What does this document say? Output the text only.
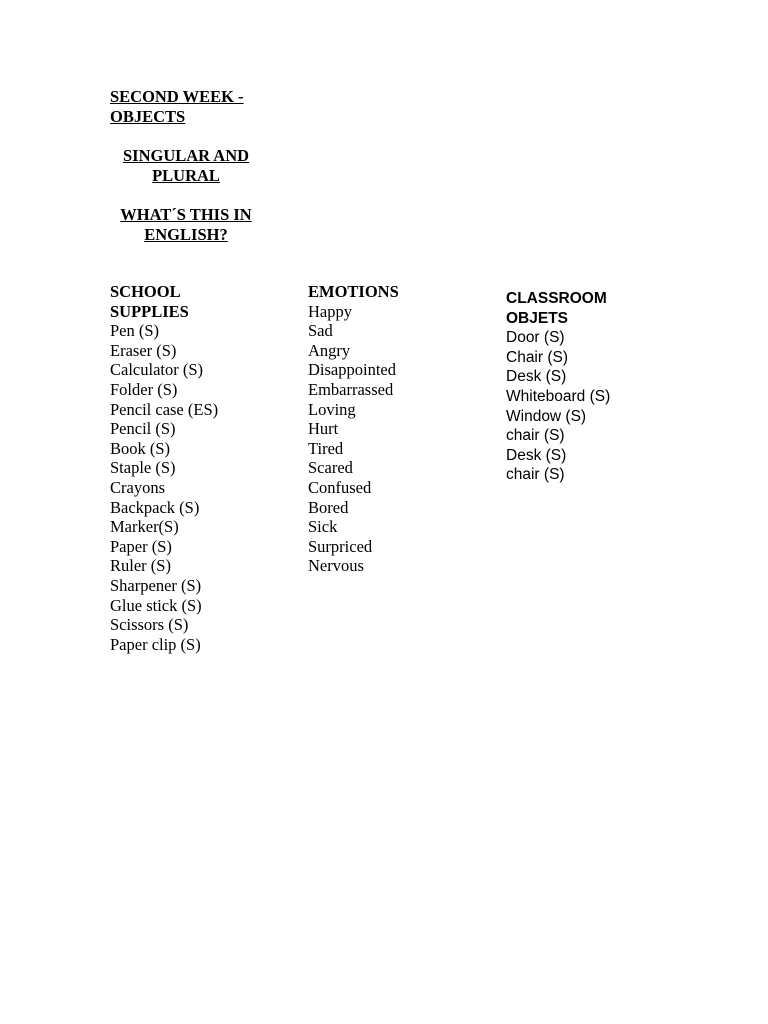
SECOND WEEK - OBJECTS

SINGULAR AND PLURAL

WHAT´S THIS IN ENGLISH?

SCHOOL
SUPPLIES
Pen (S)
Eraser (S)
Calculator (S)
Folder (S)
Pencil case (ES)
Pencil (S)
Book (S)
Staple (S)
Crayons
Backpack (S)
Marker(S)
Paper (S)
Ruler (S)
Sharpener (S)
Glue stick (S)
Scissors (S)
Paper clip (S)
EMOTIONS
Happy
Sad
Angry
Disappointed
Embarrassed
Loving
Hurt
Tired
Scared
Confused
Bored
Sick
Surpriced
Nervous
CLASSROOM
OBJETS
Door (S)
Chair (S)
Desk (S)
Whiteboard (S)
Window (S)
chair (S)
Desk (S)
chair (S)
